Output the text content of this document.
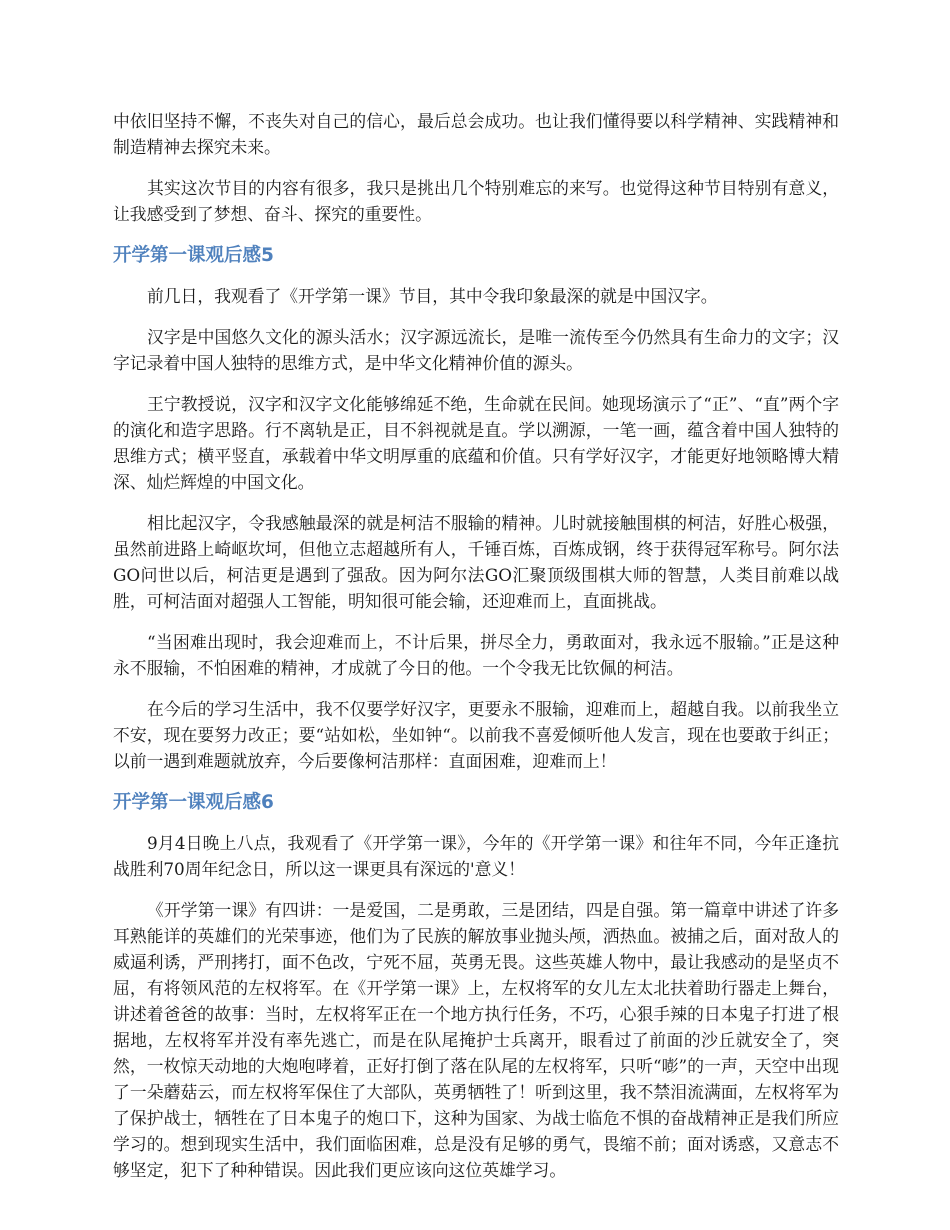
中依旧坚持不懈，不丧失对自己的信心，最后总会成功。也让我们懂得要以科学精神、实践精神和制造精神去探究未来。

其实这次节目的内容有很多，我只是挑出几个特别难忘的来写。也觉得这种节目特别有意义，让我感受到了梦想、奋斗、探究的重要性。

开学第一课观后感5

前几日，我观看了《开学第一课》节目，其中令我印象最深的就是中国汉字。

汉字是中国悠久文化的源头活水；汉字源远流长，是唯一流传至今仍然具有生命力的文字；汉字记录着中国人独特的思维方式，是中华文化精神价值的源头。

王宁教授说，汉字和汉字文化能够绵延不绝，生命就在民间。她现场演示了“正”、“直”两个字的演化和造字思路。行不离轨是正，目不斜视就是直。学以溯源，一笔一画，蕴含着中国人独特的思维方式；横平竖直，承载着中华文明厚重的底蕴和价值。只有学好汉字，才能更好地领略博大精深、灿烂辉煌的中国文化。

相比起汉字，令我感触最深的就是柯洁不服输的精神。儿时就接触围棋的柯洁，好胜心极强，虽然前进路上崎岖坎坷，但他立志超越所有人，千锤百炼，百炼成钢，终于获得冠军称号。阿尔法GO问世以后，柯洁更是遇到了强敌。因为阿尔法GO汇聚顶级围棋大师的智慧，人类目前难以战胜，可柯洁面对超强人工智能，明知很可能会输，还迎难而上，直面挑战。

“当困难出现时，我会迎难而上，不计后果，拼尽全力，勇敢面对，我永远不服输。”正是这种永不服输，不怕困难的精神，才成就了今日的他。一个令我无比钦佩的柯洁。

在今后的学习生活中，我不仅要学好汉字，更要永不服输，迎难而上，超越自我。以前我坐立不安，现在要努力改正；要“站如松，坐如钟“。以前我不喜爱倾听他人发言，现在也要敢于纠正；以前一遇到难题就放弃，今后要像柯洁那样：直面困难，迎难而上！

开学第一课观后感6

9月4日晚上八点，我观看了《开学第一课》，今年的《开学第一课》和往年不同，今年正逢抗战胜利70周年纪念日，所以这一课更具有深远的'意义！

《开学第一课》有四讲：一是爱国，二是勇敢，三是团结，四是自强。第一篇章中讲述了许多耳熟能详的英雄们的光荣事迹，他们为了民族的解放事业抛头颅，洒热血。被捕之后，面对敌人的威逼利诱，严刑拷打，面不色改，宁死不屈，英勇无畏。这些英雄人物中，最让我感动的是坚贞不屈，有将领风范的左权将军。在《开学第一课》上，左权将军的女儿左太北扶着助行器走上舞台，讲述着爸爸的故事：当时，左权将军正在一个地方执行任务，不巧，心狠手辣的日本鬼子打进了根据地，左权将军并没有率先逃亡，而是在队尾掩护士兵离开，眼看过了前面的沙丘就安全了，突然，一枚惊天动地的大炮咆哮着，正好打倒了落在队尾的左权将军，只听“嘭”的一声，天空中出现了一朵蘑菇云，而左权将军保住了大部队，英勇牺牲了！听到这里，我不禁泪流满面，左权将军为了保护战士，牺牲在了日本鬼子的炮口下，这种为国家、为战士临危不惧的奋战精神正是我们所应学习的。想到现实生活中，我们面临困难，总是没有足够的勇气，畏缩不前；面对诱惑，又意志不够坚定，犯下了种种错误。因此我们更应该向这位英雄学习。
